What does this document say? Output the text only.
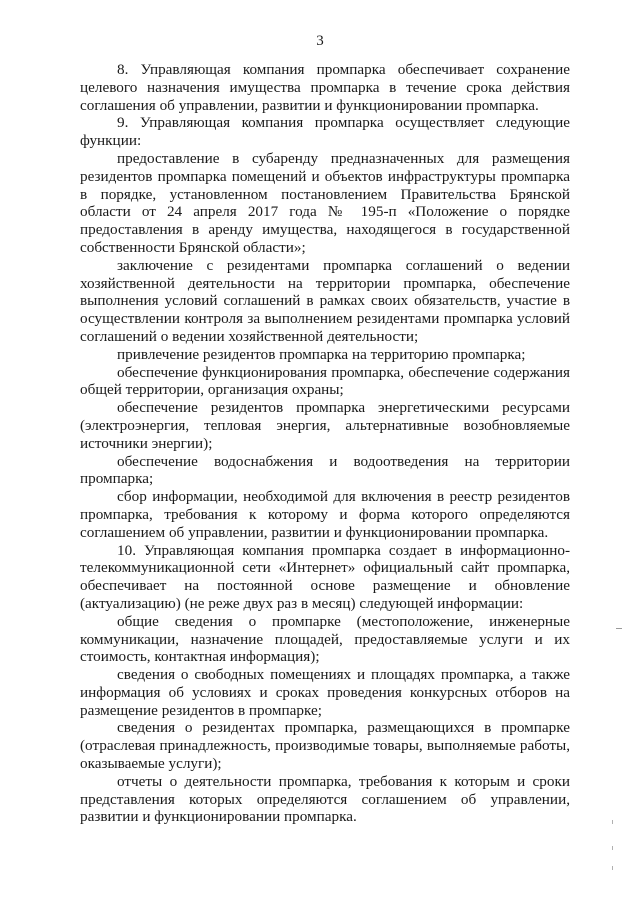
3

8. Управляющая компания промпарка обеспечивает сохранение целевого назначения имущества промпарка в течение срока действия соглашения об управлении, развитии и функционировании промпарка.

9. Управляющая компания промпарка осуществляет следующие функции:

предоставление в субаренду предназначенных для размещения резидентов промпарка помещений и объектов инфраструктуры промпарка в порядке, установленном постановлением Правительства Брянской области от 24 апреля 2017 года № 195-п «Положение о порядке предоставления в аренду имущества, находящегося в государственной собственности Брянской области»;

заключение с резидентами промпарка соглашений о ведении хозяйственной деятельности на территории промпарка, обеспечение выполнения условий соглашений в рамках своих обязательств, участие в осуществлении контроля за выполнением резидентами промпарка условий соглашений о ведении хозяйственной деятельности;

привлечение резидентов промпарка на территорию промпарка;

обеспечение функционирования промпарка, обеспечение содержания общей территории, организация охраны;

обеспечение резидентов промпарка энергетическими ресурсами (электроэнергия, тепловая энергия, альтернативные возобновляемые источники энергии);

обеспечение водоснабжения и водоотведения на территории промпарка;

сбор информации, необходимой для включения в реестр резидентов промпарка, требования к которому и форма которого определяются соглашением об управлении, развитии и функционировании промпарка.

10. Управляющая компания промпарка создает в информационно-телекоммуникационной сети «Интернет» официальный сайт промпарка, обеспечивает на постоянной основе размещение и обновление (актуализацию) (не реже двух раз в месяц) следующей информации:

общие сведения о промпарке (местоположение, инженерные коммуникации, назначение площадей, предоставляемые услуги и их стоимость, контактная информация);

сведения о свободных помещениях и площадях промпарка, а также информация об условиях и сроках проведения конкурсных отборов на размещение резидентов в промпарке;

сведения о резидентах промпарка, размещающихся в промпарке (отраслевая принадлежность, производимые товары, выполняемые работы, оказываемые услуги);

отчеты о деятельности промпарка, требования к которым и сроки представления которых определяются соглашением об управлении, развитии и функционировании промпарка.
